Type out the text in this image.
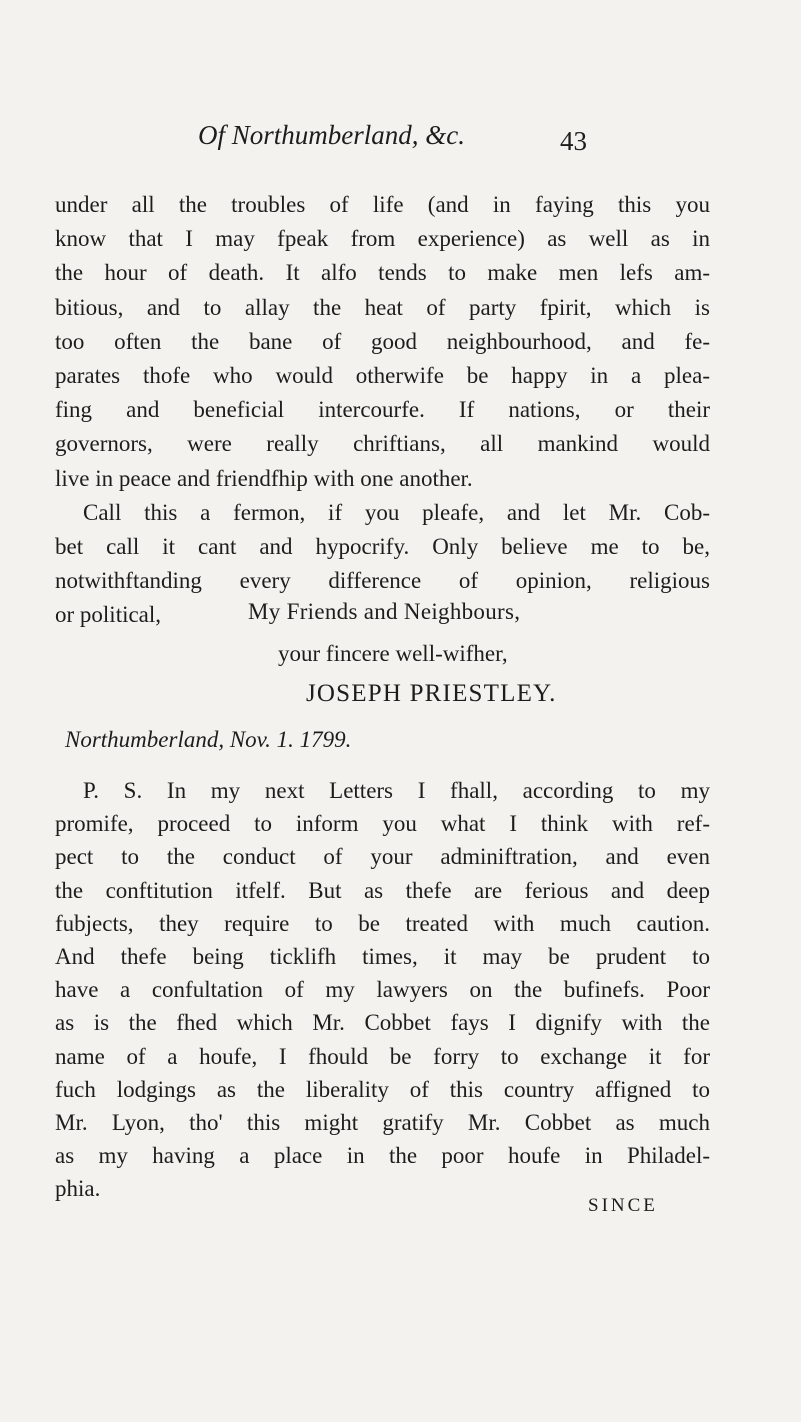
Of Northumberland, &c.	43
under all the troubles of life (and in faying this you
know that I may fpeak from experience) as well as in
the hour of death. It alfo tends to make men lefs am-
bitious, and to allay the heat of party fpirit, which is
too often the bane of good neighbourhood, and fe-
parates thofe who would otherwife be happy in a plea-
fing and beneficial intercourfe. If nations, or their
governors, were really chriftians, all mankind would
live in peace and friendfhip with one another.
Call this a fermon, if you pleafe, and let Mr. Cob-
bet call it cant and hypocrify. Only believe me to be,
notwithftanding every difference of opinion, religious
or political,	My Friends and Neighbours,
your fincere well-wifher,
JOSEPH PRIESTLEY.
Northumberland, Nov. 1. 1799.
P. S. In my next Letters I fhall, according to my
promife, proceed to inform you what I think with ref-
pect to the conduct of your adminiftration, and even
the conftitution itfelf. But as thefe are ferious and deep
fubjects, they require to be treated with much caution.
And thefe being ticklifh times, it may be prudent to
have a confultation of my lawyers on the bufinefs. Poor
as is the fhed which Mr. Cobbet fays I dignify with the
name of a houfe, I fhould be forry to exchange it for
fuch lodgings as the liberality of this country affigned to
Mr. Lyon, tho' this might gratify Mr. Cobbet as much
as my having a place in the poor houfe in Philadel-
phia.
SINCE
